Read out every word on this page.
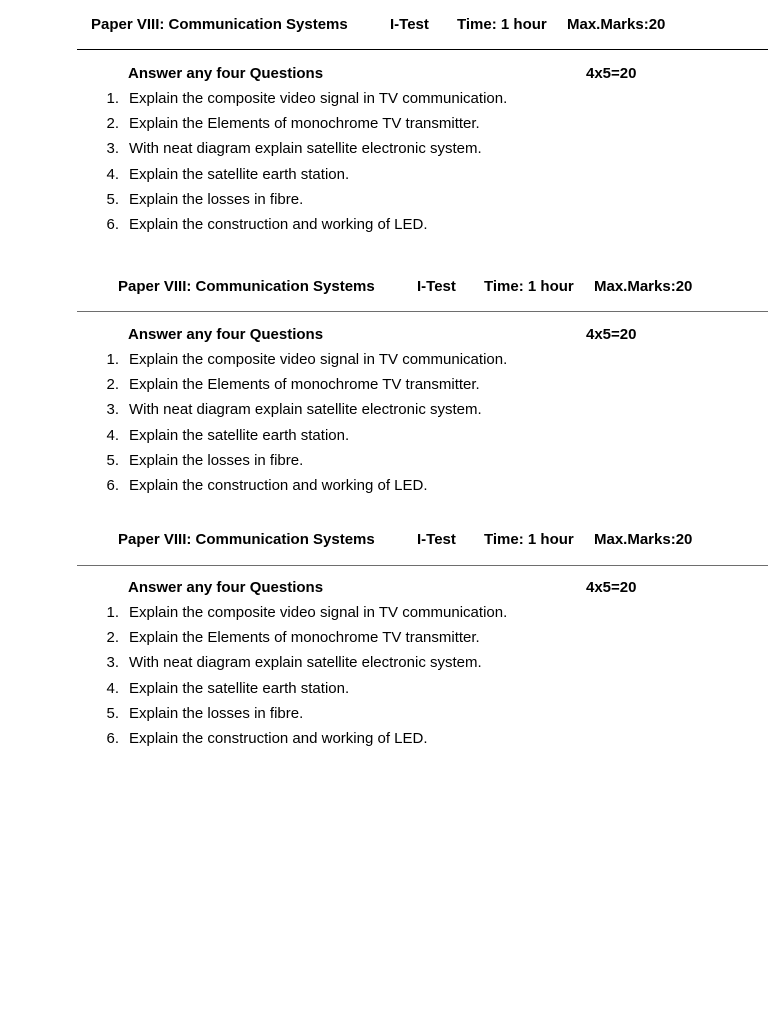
Paper VIII: Communication Systems	I-Test Time: 1 hour Max.Marks:20
Answer any four Questions	4x5=20
1. Explain the composite video signal in TV communication.
2. Explain the Elements of monochrome TV transmitter.
3. With neat diagram explain satellite electronic system.
4. Explain the satellite earth station.
5. Explain the losses in fibre.
6. Explain the construction and working of LED.
Paper VIII: Communication Systems	I-Test Time: 1 hour Max.Marks:20
Answer any four Questions	4x5=20
1. Explain the composite video signal in TV communication.
2. Explain the Elements of monochrome TV transmitter.
3. With neat diagram explain satellite electronic system.
4. Explain the satellite earth station.
5. Explain the losses in fibre.
6. Explain the construction and working of LED.
Paper VIII: Communication Systems	I-Test Time: 1 hour Max.Marks:20
Answer any four Questions	4x5=20
1. Explain the composite video signal in TV communication.
2. Explain the Elements of monochrome TV transmitter.
3. With neat diagram explain satellite electronic system.
4. Explain the satellite earth station.
5. Explain the losses in fibre.
6. Explain the construction and working of LED.
